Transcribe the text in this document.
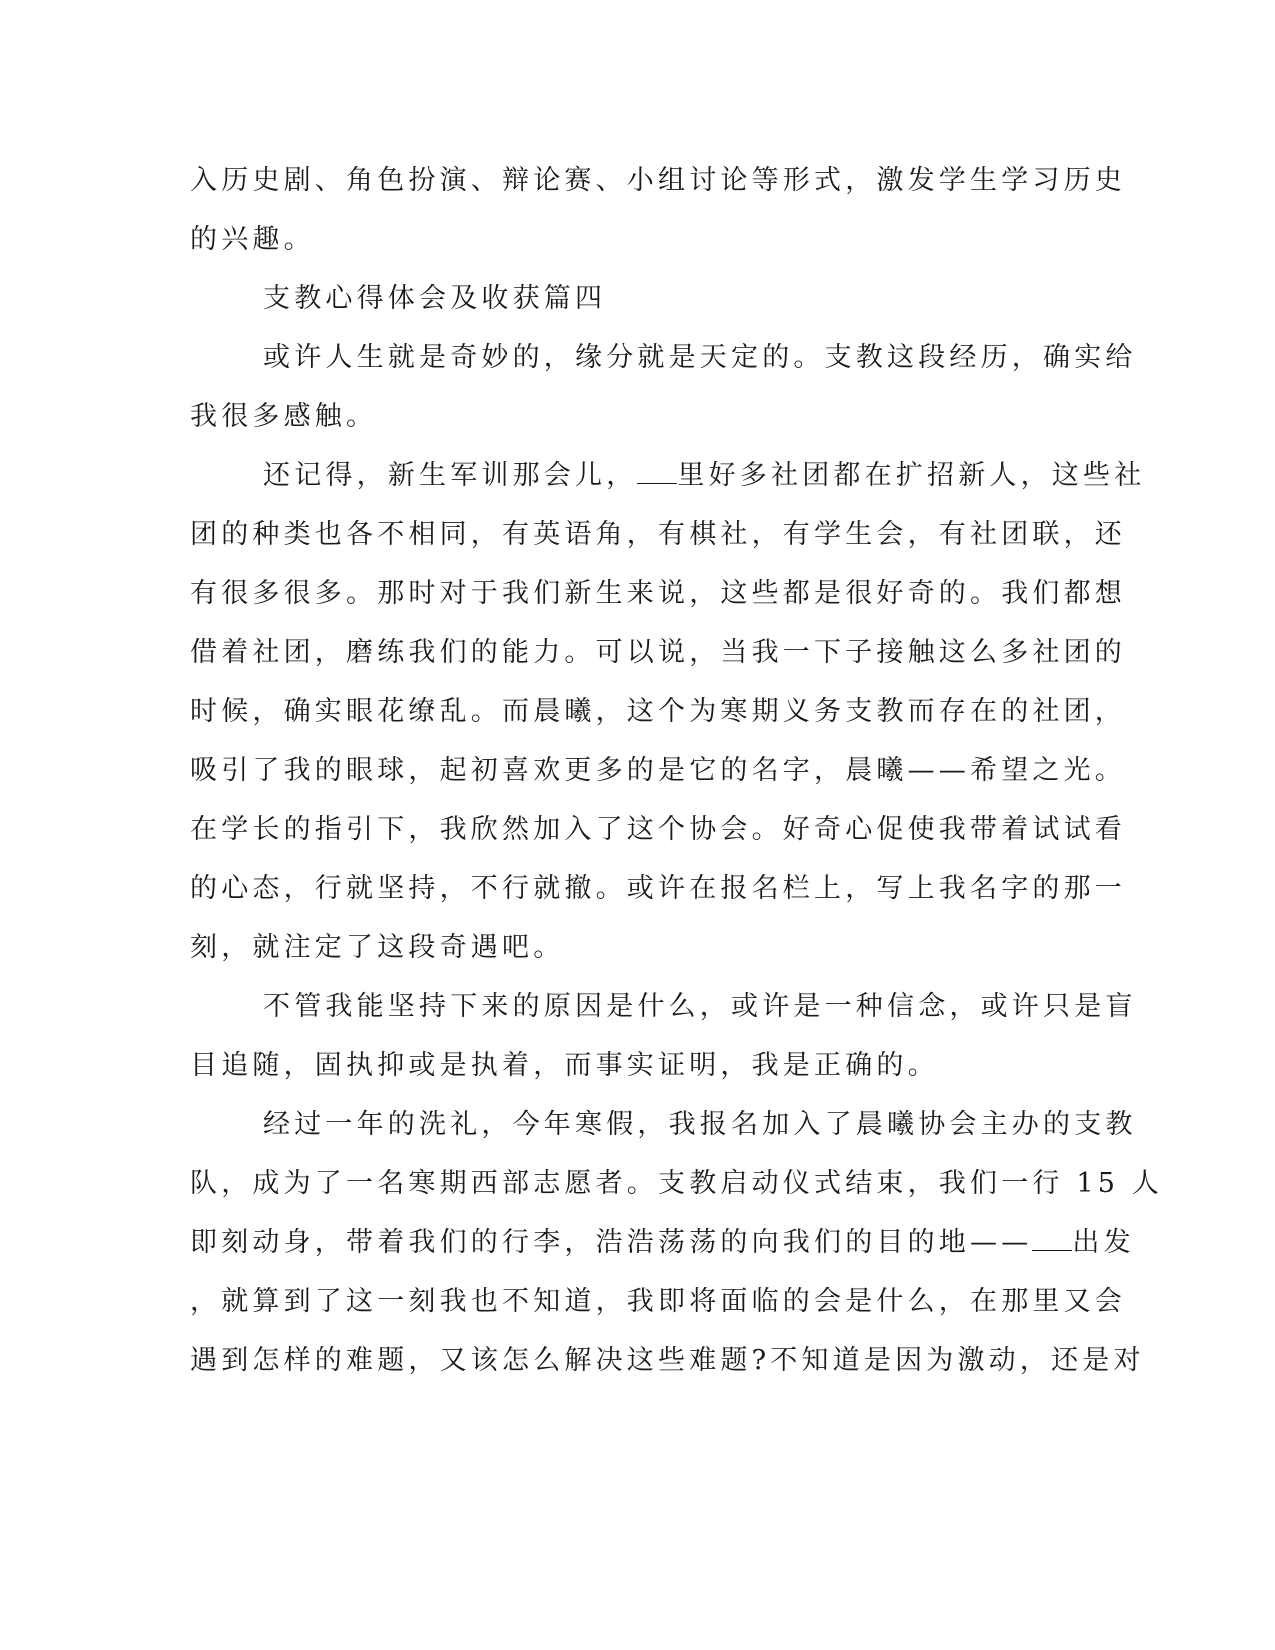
入历史剧、角色扮演、辩论赛、小组讨论等形式，激发学生学习历史
的兴趣。
支教心得体会及收获篇四
或许人生就是奇妙的，缘分就是天定的。支教这段经历，确实给
我很多感触。
还记得，新生军训那会儿， 里好多社团都在扩招新人，这些社
团的种类也各不相同，有英语角，有棋社，有学生会，有社团联，还
有很多很多。那时对于我们新生来说，这些都是很好奇的。我们都想
借着社团，磨练我们的能力。可以说，当我一下子接触这么多社团的
时候，确实眼花缭乱。而晨曦，这个为寒期义务支教而存在的社团，
吸引了我的眼球，起初喜欢更多的是它的名字，晨曦——希望之光。
在学长的指引下，我欣然加入了这个协会。好奇心促使我带着试试看
的心态，行就坚持，不行就撤。或许在报名栏上，写上我名字的那一
刻，就注定了这段奇遇吧。
不管我能坚持下来的原因是什么，或许是一种信念，或许只是盲
目追随，固执抑或是执着，而事实证明，我是正确的。
经过一年的洗礼，今年寒假，我报名加入了晨曦协会主办的支教
队，成为了一名寒期西部志愿者。支教启动仪式结束，我们一行 15 人
即刻动身，带着我们的行李，浩浩荡荡的向我们的目的地—— 出发
，就算到了这一刻我也不知道，我即将面临的会是什么，在那里又会
遇到怎样的难题，又该怎么解决这些难题?不知道是因为激动，还是对
